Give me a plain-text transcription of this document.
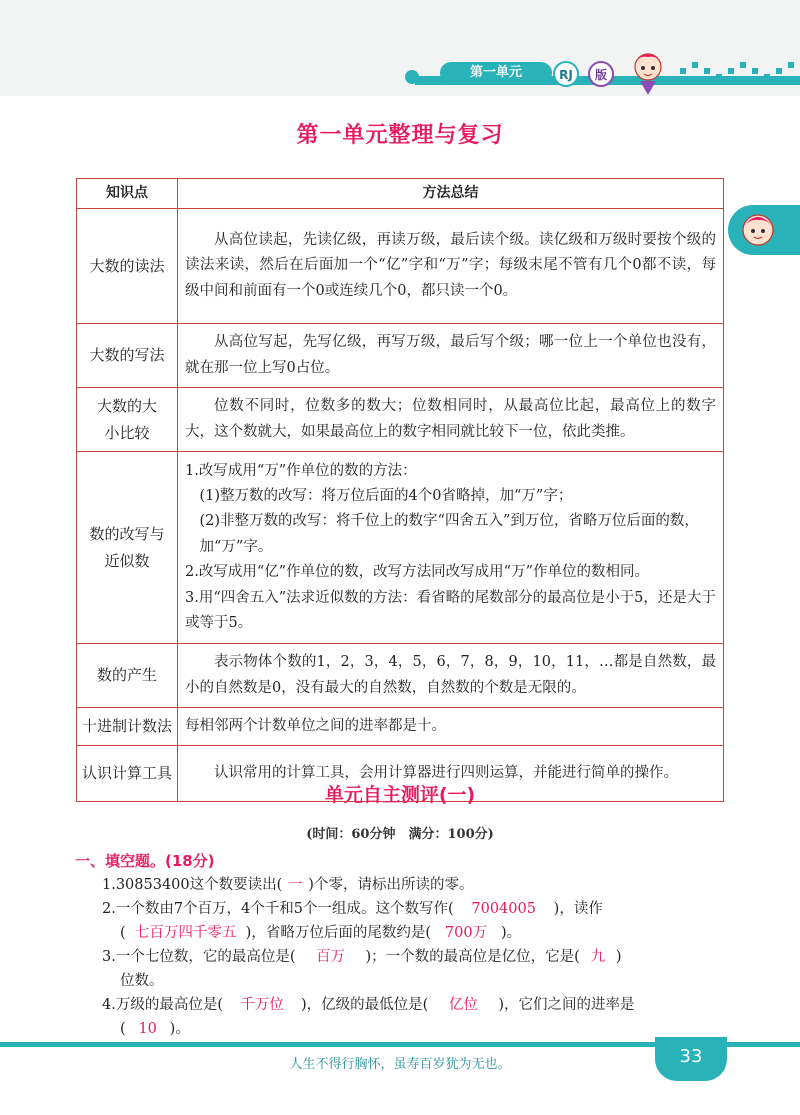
第一单元	RJ	版
第一单元整理与复习
知识点	方法总结
大数的读法	从高位读起，先读亿级，再读万级，最后读个级。读亿级和万级时要按个级的读法来读，然后在后面加一个“亿”字和“万”字；每级末尾不管有几个0都不读，每级中间和前面有一个0或连续几个0，都只读一个0。

大数的写法	从高位写起，先写亿级，再写万级，最后写个级；哪一位上一个单位也没有，就在那一位上写0占位。

大数的大
小比较	位数不同时，位数多的数大；位数相同时，从最高位比起，最高位上的数字大，这个数就大，如果最高位上的数字相同就比较下一位，依此类推。

数的改写与
近似数	1.改写成用“万”作单位的数的方法：
(1)整万数的改写：将万位后面的4个0省略掉，加“万”字；
(2)非整万数的改写：将千位上的数字“四舍五入”到万位，省略万位后面的数，加“万”字。
2.改写成用“亿”作单位的数，改写方法同改写成用“万”作单位的数相同。
3.用“四舍五入”法求近似数的方法：看省略的尾数部分的最高位是小于5，还是大于或等于5。

数的产生	表示物体个数的1，2，3，4，5，6，7，8，9，10，11，…都是自然数，最小的自然数是0，没有最大的自然数，自然数的个数是无限的。

十进制计数法	每相邻两个计数单位之间的进率都是十。
认识计算工具	认识常用的计算工具，会用计算器进行四则运算，并能进行简单的操作。

单元自主测评(一)
(时间：60分钟　满分：100分)
一、填空题。(18分)
1.30853400这个数要读出( 一 )个零，请标出所读的零。
2.一个数由7个百万，4个千和5个一组成。这个数写作( 7004005 )，读作
( 七百万四千零五 )，省略万位后面的尾数约是( 700万 )。
3.一个七位数，它的最高位是( 百万 )；一个数的最高位是亿位，它是( 九 )
位数。
4.万级的最高位是( 千万位 )，亿级的最低位是( 亿位 )，它们之间的进率是
( 10 )。
人生不得行胸怀，虽寿百岁犹为无也。	33
